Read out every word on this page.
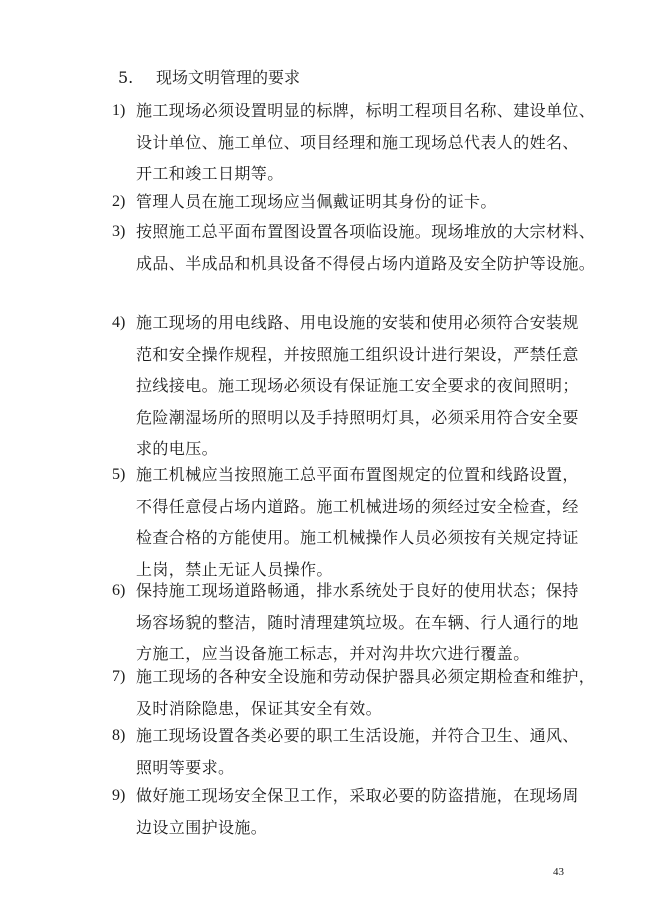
5. 现场文明管理的要求
1) 施工现场必须设置明显的标牌，标明工程项目名称、建设单位、
设计单位、施工单位、项目经理和施工现场总代表人的姓名、
开工和竣工日期等。
2) 管理人员在施工现场应当佩戴证明其身份的证卡。
3) 按照施工总平面布置图设置各项临设施。现场堆放的大宗材料、
成品、半成品和机具设备不得侵占场内道路及安全防护等设施。
4) 施工现场的用电线路、用电设施的安装和使用必须符合安装规
范和安全操作规程，并按照施工组织设计进行架设，严禁任意
拉线接电。施工现场必须设有保证施工安全要求的夜间照明；
危险潮湿场所的照明以及手持照明灯具，必须采用符合安全要
求的电压。
5) 施工机械应当按照施工总平面布置图规定的位置和线路设置，
不得任意侵占场内道路。施工机械进场的须经过安全检查，经
检查合格的方能使用。施工机械操作人员必须按有关规定持证
上岗，禁止无证人员操作。
6) 保持施工现场道路畅通，排水系统处于良好的使用状态；保持
场容场貌的整洁，随时清理建筑垃圾。在车辆、行人通行的地
方施工，应当设备施工标志，并对沟井坎穴进行覆盖。
7) 施工现场的各种安全设施和劳动保护器具必须定期检查和维护，
及时消除隐患，保证其安全有效。
8) 施工现场设置各类必要的职工生活设施，并符合卫生、通风、
照明等要求。
9) 做好施工现场安全保卫工作，采取必要的防盗措施，在现场周
边设立围护设施。
43
